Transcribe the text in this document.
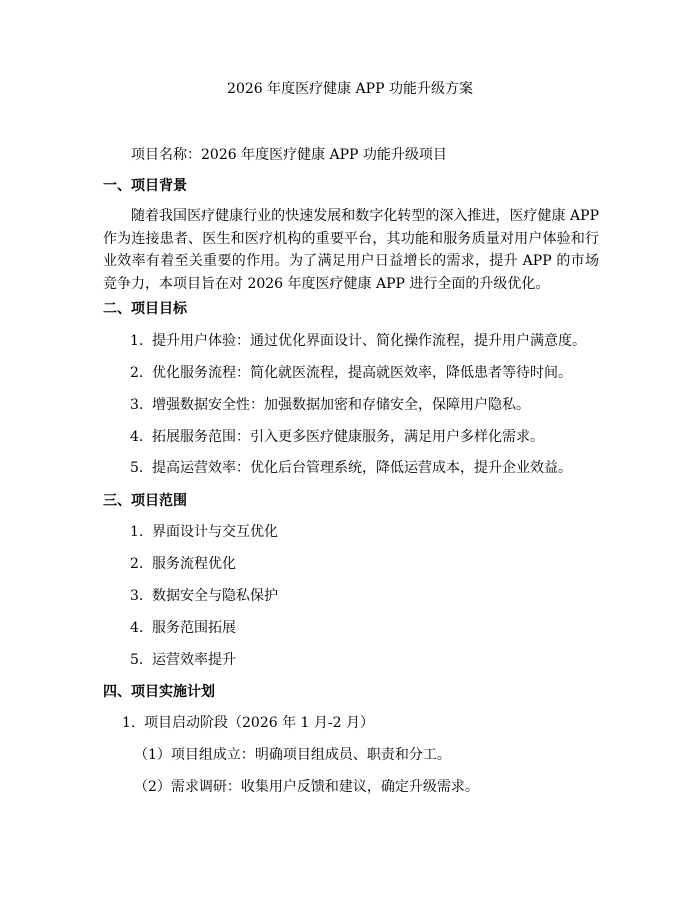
2026 年度医疗健康 APP 功能升级方案
项目名称：2026 年度医疗健康 APP 功能升级项目
一、项目背景
随着我国医疗健康行业的快速发展和数字化转型的深入推进，医疗健康 APP 作为连接患者、医生和医疗机构的重要平台，其功能和服务质量对用户体验和行业效率有着至关重要的作用。为了满足用户日益增长的需求，提升 APP 的市场竞争力，本项目旨在对 2026 年度医疗健康 APP 进行全面的升级优化。
二、项目目标
1. 提升用户体验：通过优化界面设计、简化操作流程，提升用户满意度。
2. 优化服务流程：简化就医流程，提高就医效率，降低患者等待时间。
3. 增强数据安全性：加强数据加密和存储安全，保障用户隐私。
4. 拓展服务范围：引入更多医疗健康服务，满足用户多样化需求。
5. 提高运营效率：优化后台管理系统，降低运营成本，提升企业效益。
三、项目范围
1. 界面设计与交互优化
2. 服务流程优化
3. 数据安全与隐私保护
4. 服务范围拓展
5. 运营效率提升
四、项目实施计划
1. 项目启动阶段（2026 年 1 月-2 月）
（1）项目组成立：明确项目组成员、职责和分工。
（2）需求调研：收集用户反馈和建议，确定升级需求。
